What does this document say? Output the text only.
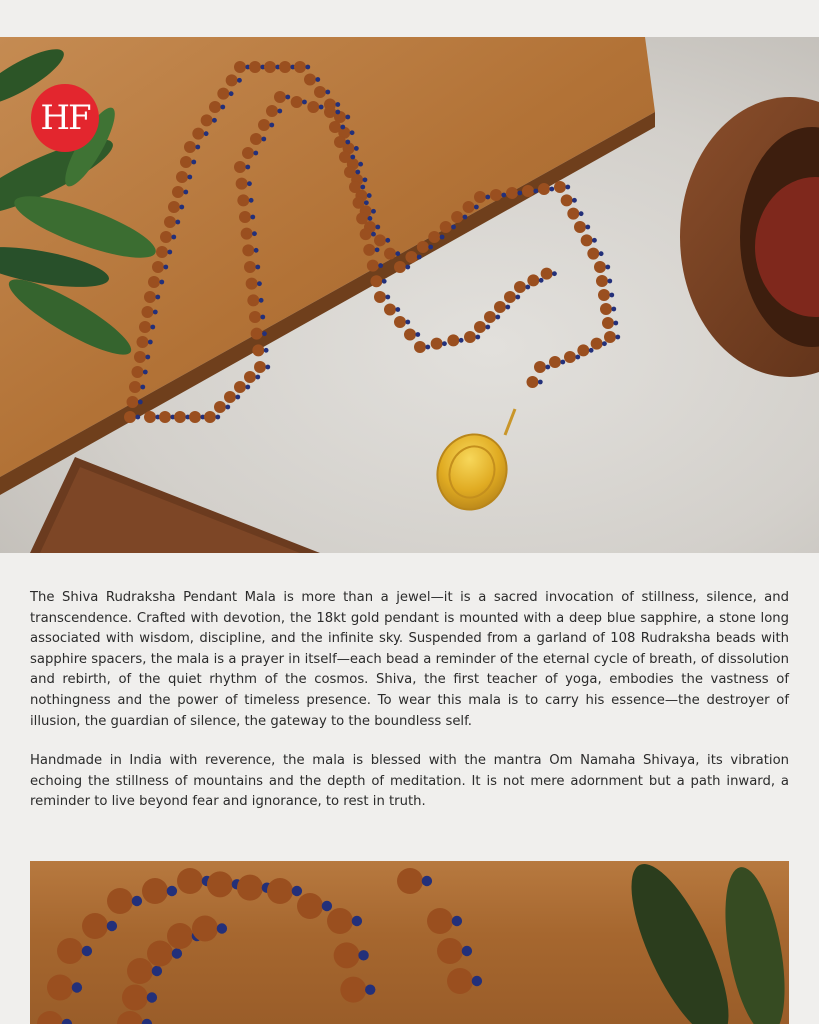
HF

The Shiva Rudraksha Pendant Mala is more than a jewel—it is a sacred invocation of stillness, silence, and transcendence. Crafted with devotion, the 18kt gold pendant is mounted with a deep blue sapphire, a stone long associated with wisdom, discipline, and the infinite sky. Suspended from a garland of 108 Rudraksha beads with sapphire spacers, the mala is a prayer in itself—each bead a reminder of the eternal cycle of breath, of dissolution and rebirth, of the quiet rhythm of the cosmos. Shiva, the first teacher of yoga, embodies the vastness of nothingness and the power of timeless presence. To wear this mala is to carry his essence—the destroyer of illusion, the guardian of silence, the gateway to the boundless self.

Handmade in India with reverence, the mala is blessed with the mantra Om Namaha Shivaya, its vibration echoing the stillness of mountains and the depth of meditation. It is not mere adornment but a path inward, a reminder to live beyond fear and ignorance, to rest in truth.
